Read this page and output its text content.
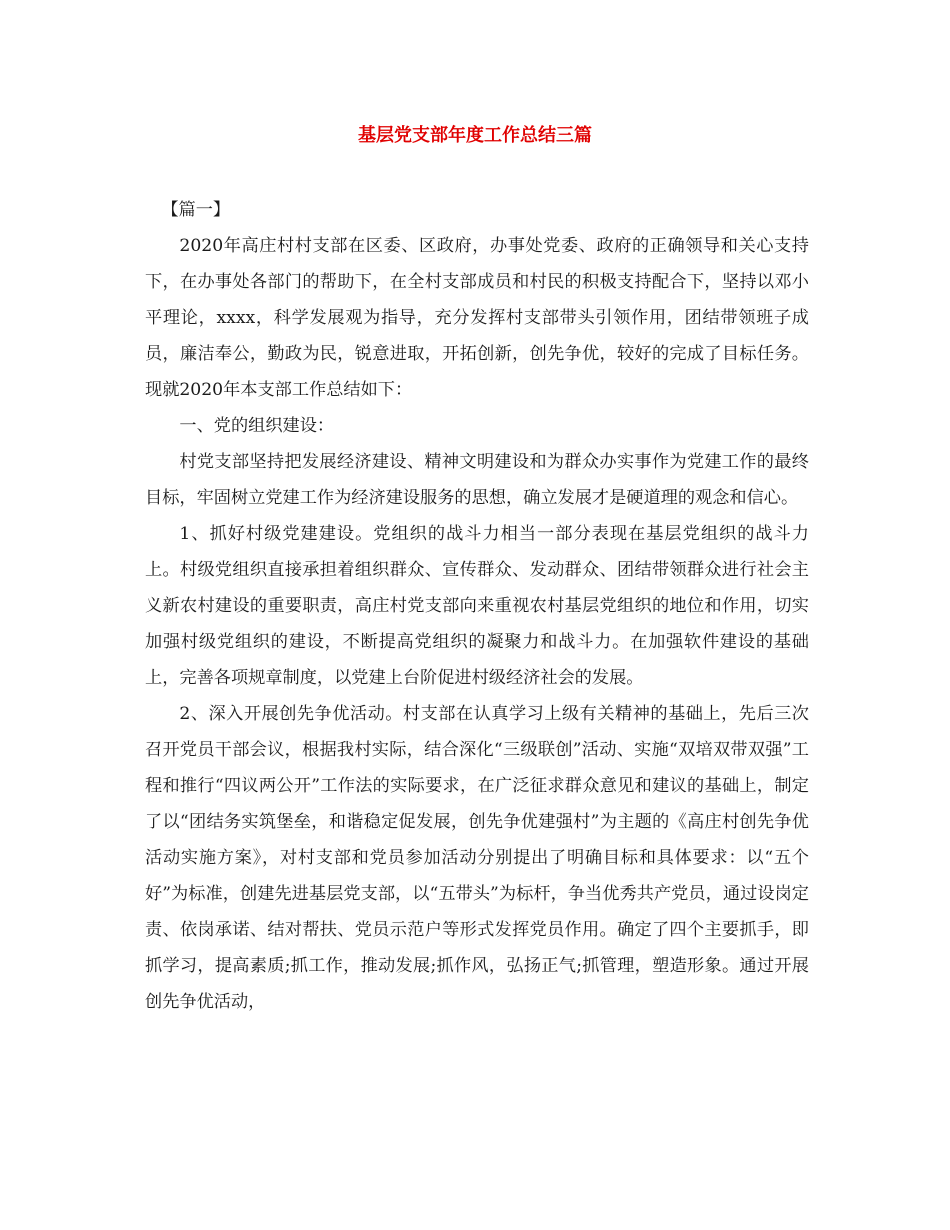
基层党支部年度工作总结三篇

【篇一】

2020年高庄村村支部在区委、区政府，办事处党委、政府的正确领导和关心支持下，在办事处各部门的帮助下，在全村支部成员和村民的积极支持配合下，坚持以邓小平理论，xxxx，科学发展观为指导，充分发挥村支部带头引领作用，团结带领班子成员，廉洁奉公，勤政为民，锐意进取，开拓创新，创先争优，较好的完成了目标任务。现就2020年本支部工作总结如下：

一、党的组织建设：

村党支部坚持把发展经济建设、精神文明建设和为群众办实事作为党建工作的最终目标，牢固树立党建工作为经济建设服务的思想，确立发展才是硬道理的观念和信心。

1、抓好村级党建建设。党组织的战斗力相当一部分表现在基层党组织的战斗力上。村级党组织直接承担着组织群众、宣传群众、发动群众、团结带领群众进行社会主义新农村建设的重要职责，高庄村党支部向来重视农村基层党组织的地位和作用，切实加强村级党组织的建设，不断提高党组织的凝聚力和战斗力。在加强软件建设的基础上，完善各项规章制度，以党建上台阶促进村级经济社会的发展。

2、深入开展创先争优活动。村支部在认真学习上级有关精神的基础上，先后三次召开党员干部会议，根据我村实际，结合深化“三级联创”活动、实施“双培双带双强”工程和推行“四议两公开”工作法的实际要求，在广泛征求群众意见和建议的基础上，制定了以“团结务实筑堡垒，和谐稳定促发展，创先争优建强村”为主题的《高庄村创先争优活动实施方案》，对村支部和党员参加活动分别提出了明确目标和具体要求：以“五个好”为标准，创建先进基层党支部，以“五带头”为标杆，争当优秀共产党员，通过设岗定责、依岗承诺、结对帮扶、党员示范户等形式发挥党员作用。确定了四个主要抓手，即抓学习，提高素质;抓工作，推动发展;抓作风，弘扬正气;抓管理，塑造形象。通过开展创先争优活动，
